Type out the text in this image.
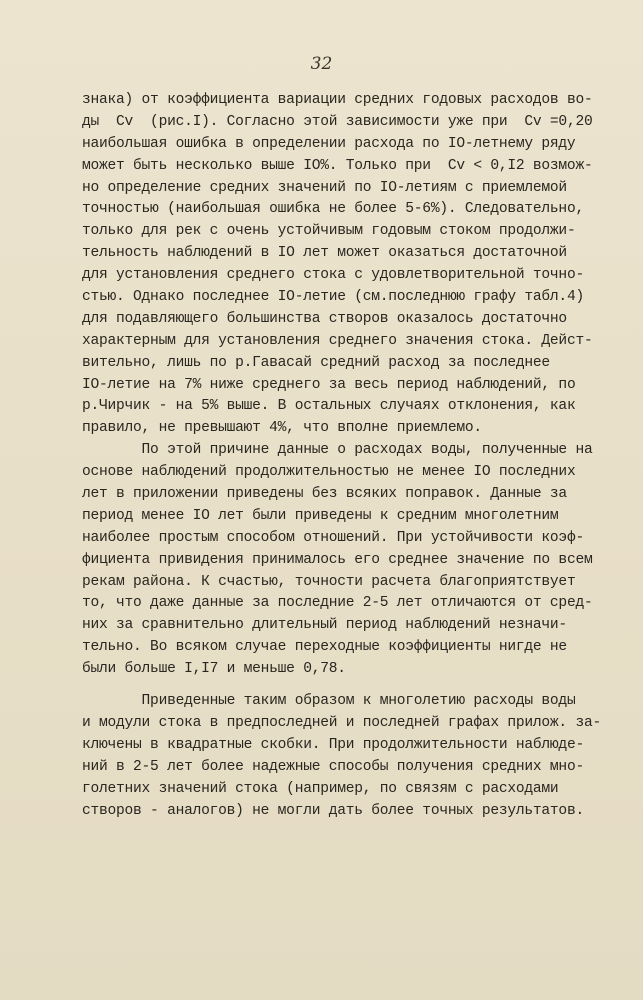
32
знака) от коэффициента вариации средних годовых расходов во-
ды  Cv  (рис.I). Согласно этой зависимости уже при  Cv =0,20
наибольшая ошибка в определении расхода по IO-летнему ряду
может быть несколько выше IO%. Только при  Cv < 0,I2 возмож-
но определение средних значений по IO-летиям с приемлемой
точностью (наибольшая ошибка не более 5-6%). Следовательно,
только для рек с очень устойчивым годовым стоком продолжи-
тельность наблюдений в IO лет может оказаться достаточной
для установления среднего стока с удовлетворительной точно-
стью. Однако последнее IO-летие (см.последнюю графу табл.4)
для подавляющего большинства створов оказалось достаточно
характерным для установления среднего значения стока. Дейст-
вительно, лишь по р.Гавасай средний расход за последнее
IO-летие на 7% ниже среднего за весь период наблюдений, по
р.Чирчик - на 5% выше. В остальных случаях отклонения, как
правило, не превышают 4%, что вполне приемлемо.
По этой причине данные о расходах воды, полученные на
основе наблюдений продолжительностью не менее IO последних
лет в приложении приведены без всяких поправок. Данные за
период менее IO лет были приведены к средним многолетним
наиболее простым способом отношений. При устойчивости коэф-
фициента привидения принималось его среднее значение по всем
рекам района. К счастью, точности расчета благоприятствует
то, что даже данные за последние 2-5 лет отличаются от сред-
них за сравнительно длительный период наблюдений незначи-
тельно. Во всяком случае переходные коэффициенты нигде не
были больше I,I7 и меньше 0,78.
Приведенные таким образом к многолетию расходы воды
и модули стока в предпоследней и последней графах прилож. за-
ключены в квадратные скобки. При продолжительности наблюде-
ний в 2-5 лет более надежные способы получения средних мно-
голетних значений стока (например, по связям с расходами
створов - аналогов) не могли дать более точных результатов.
